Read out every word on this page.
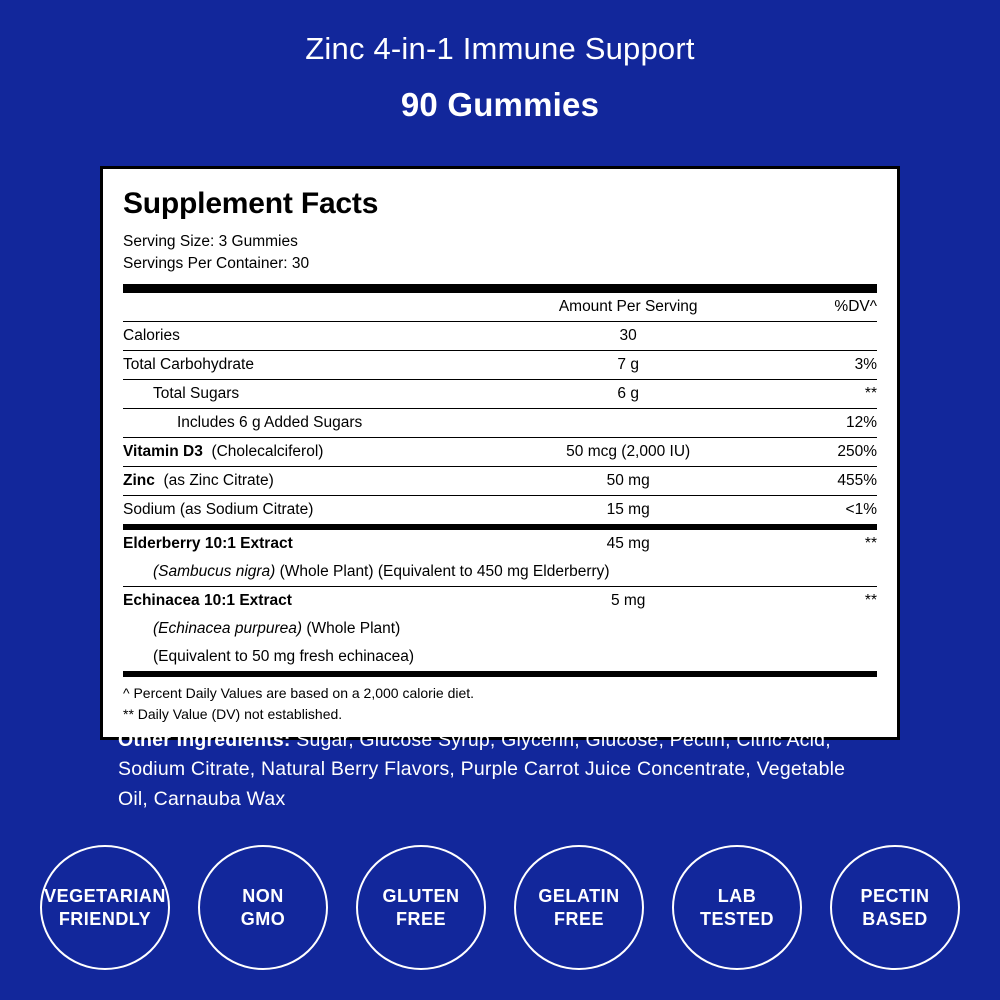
Zinc 4-in-1 Immune Support
90 Gummies
Supplement Facts
Serving Size: 3 Gummies
Servings Per Container: 30
	Amount Per Serving	%DV^
Calories	30	
Total Carbohydrate	7 g	3%
Total Sugars	6 g	**
Includes 6 g Added Sugars		12%
Vitamin D3 (Cholecalciferol)	50 mcg (2,000 IU)	250%
Zinc (as Zinc Citrate)	50 mg	455%
Sodium (as Sodium Citrate)	15 mg	<1%
Elderberry 10:1 Extract	45 mg	**
(Sambucus nigra) (Whole Plant) (Equivalent to 450 mg Elderberry)		
Echinacea 10:1 Extract	5 mg	**
(Echinacea purpurea) (Whole Plant)		
(Equivalent to 50 mg fresh echinacea)		
^ Percent Daily Values are based on a 2,000 calorie diet.
** Daily Value (DV) not established.
Other Ingredients: Sugar, Glucose Syrup, Glycerin, Glucose, Pectin, Citric Acid, Sodium Citrate, Natural Berry Flavors, Purple Carrot Juice Concentrate, Vegetable Oil, Carnauba Wax
VEGETARIAN
FRIENDLY
NON
GMO
GLUTEN
FREE
GELATIN
FREE
LAB
TESTED
PECTIN
BASED
